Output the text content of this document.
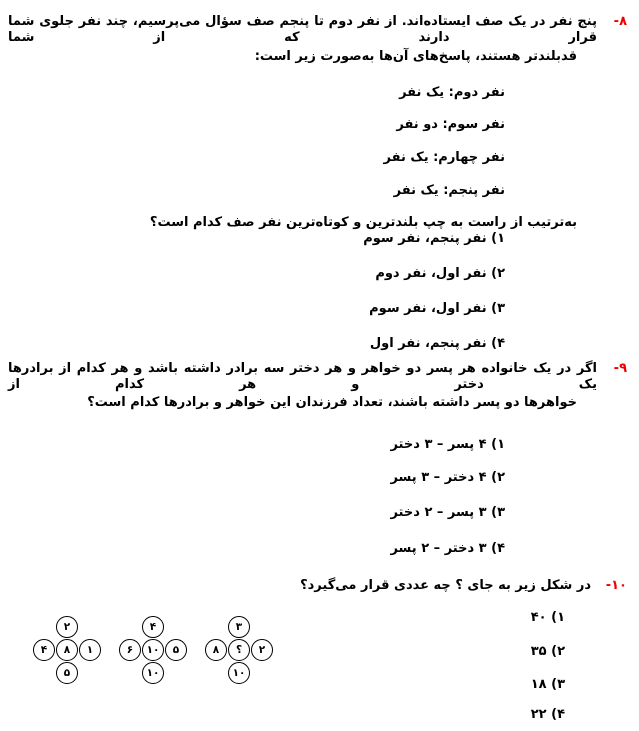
۸-
پنج نفر در یک صف ایستاده‌اند. از نفر دوم تا پنجم صف سؤال می‌پرسیم، چند نفر جلوی شما قرار دارند که از شما
قدبلندتر هستند، پاسخ‌های آن‌ها به‌صورت زیر است:
نفر دوم: یک نفر
نفر سوم: دو نفر
نفر چهارم: یک نفر
نفر پنجم: یک نفر
به‌ترتیب از راست به چپ بلندترین و کوتاه‌ترین نفر صف کدام است؟
۱) نفر پنجم، نفر سوم
۲) نفر اول، نفر دوم
۳) نفر اول، نفر سوم
۴) نفر پنجم، نفر اول
۹-
اگر در یک خانواده هر پسر دو خواهر و هر دختر سه برادر داشته باشد و هر کدام از برادرها یک دختر و هر کدام از
خواهرها دو پسر داشته باشند، تعداد فرزندان این خواهر و برادرها کدام است؟
۱) ۴ پسر – ۳ دختر
۲) ۴ دختر – ۳ پسر
۳) ۳ پسر – ۲ دختر
۴) ۳ دختر – ۲ پسر
۱۰-
در شکل زیر به جای ؟ چه عددی قرار می‌گیرد؟
۱) ۴۰
۲) ۳۵
۳) ۱۸
۴) ۲۲
۲
۴	۸	۱
۵
۴
۶	۱۰	۵
۱۰
۳
۸	؟	۲
۱۰
